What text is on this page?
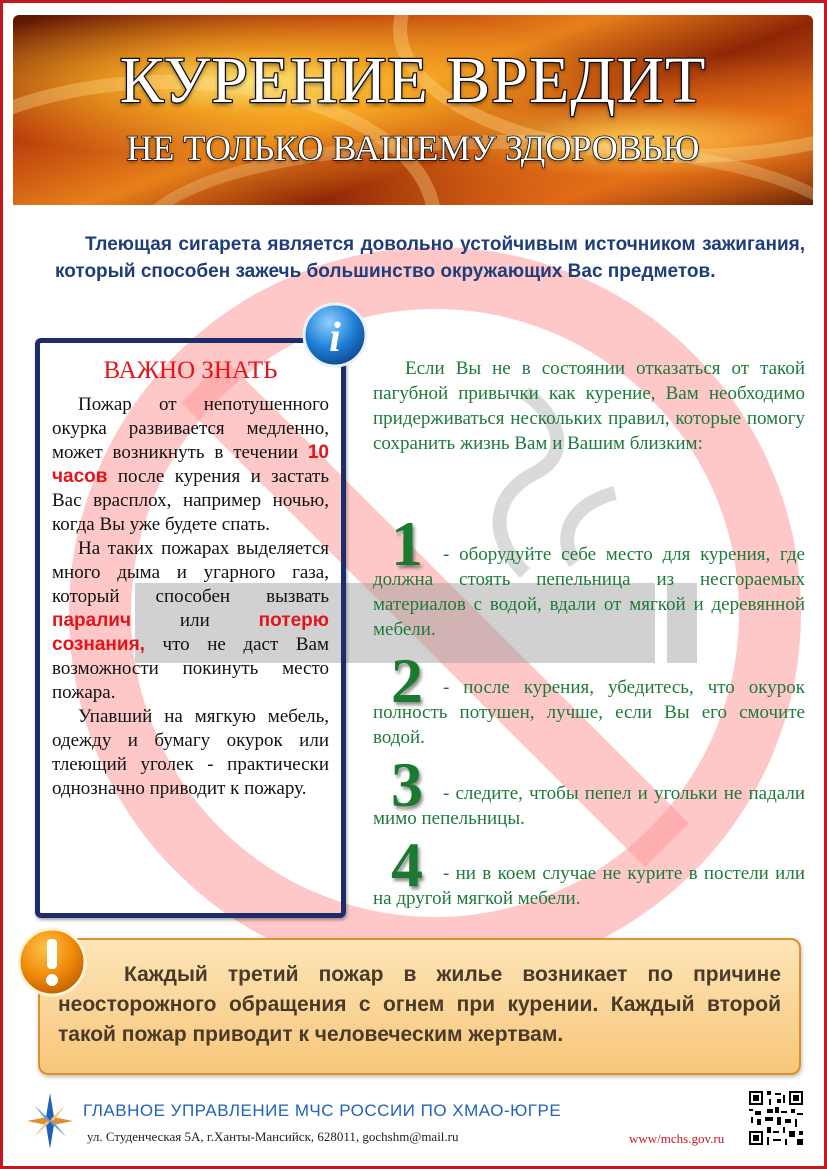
КУРЕНИЕ ВРЕДИТ
НЕ ТОЛЬКО ВАШЕМУ ЗДОРОВЬЮ

Тлеющая сигарета является довольно устойчивым источником зажигания, который способен зажечь большинство окружающих Вас предметов.

ВАЖНО ЗНАТЬ

Пожар от непотушенного окурка развивается медленно, может возникнуть в течении 10 часов после курения и застать Вас врасплох, например ночью, когда Вы уже будете спать.

На таких пожарах выделяется много дыма и угарного газа, который способен вызвать паралич или потерю сознания, что не даст Вам возможности покинуть место пожара.

Упавший на мягкую мебель, одежду и бумагу окурок или тлеющий уголек - практически однозначно приводит к пожару.

i

Если Вы не в состоянии отказаться от такой пагубной привычки как курение, Вам необходимо придерживаться нескольких правил, которые помогу сохранить жизнь Вам и Вашим близким:

1	- оборудуйте себе место для курения, где должна стоять пепельница из несгораемых материалов с водой, вдали от мягкой и деревянной мебели.

2	- после курения, убедитесь, что окурок полность потушен, лучше, если Вы его смочите водой.

3	- следите, чтобы пепел и угольки не падали мимо пепельницы.

4	- ни в коем случае не курите в постели или на другой мягкой мебели.

Каждый третий пожар в жилье возникает по причине неосторожного обращения с огнем при курении. Каждый второй такой пожар приводит к человеческим жертвам.

ГЛАВНОЕ УПРАВЛЕНИЕ МЧС РОССИИ ПО ХМАО-ЮГРЕ

ул. Студенческая 5А, г.Ханты-Мансийск, 628011, gochshm@mail.ru	www/mchs.gov.ru
